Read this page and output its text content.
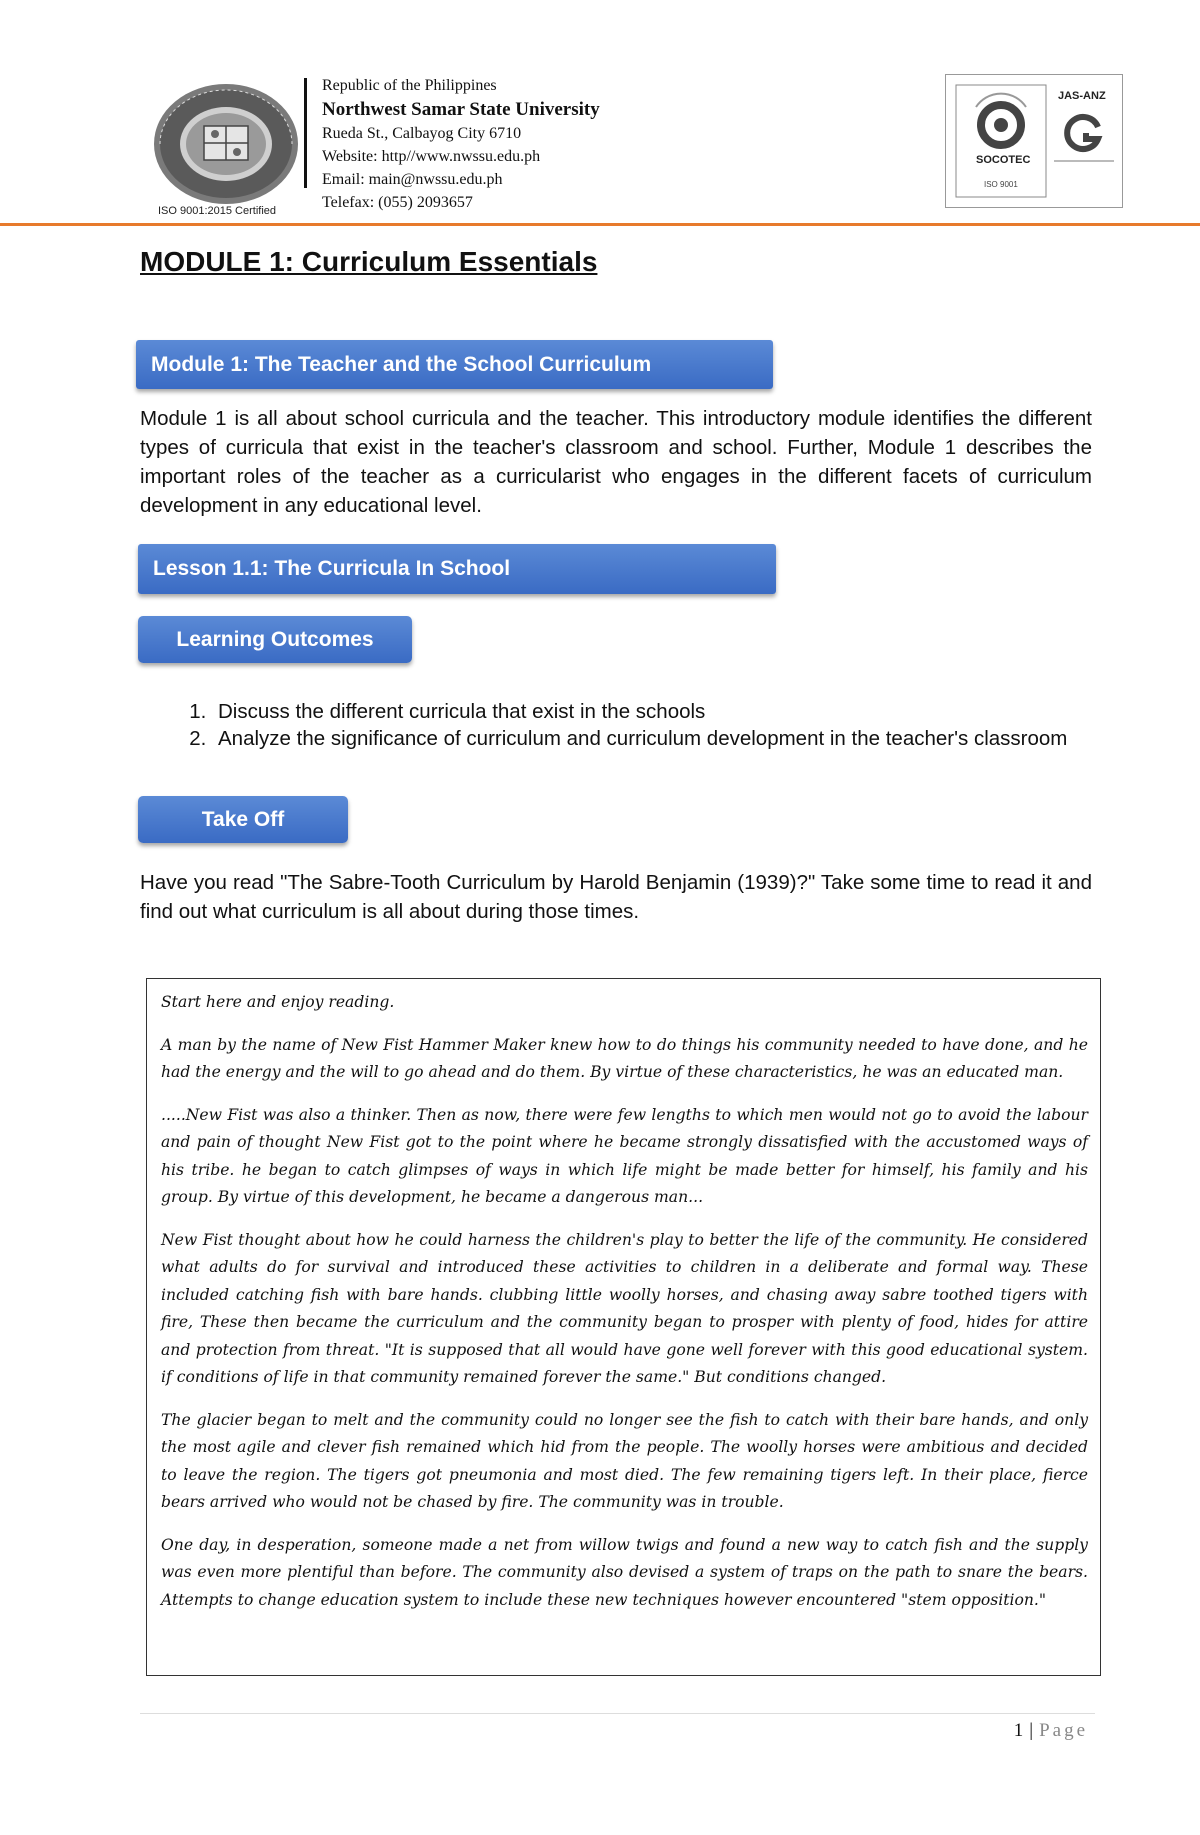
ISO 9001:2015 Certified
Republic of the Philippines
Northwest Samar State University
Rueda St., Calbayog City 6710
Website: http//www.nwssu.edu.ph
Email: main@nwssu.edu.ph
Telefax: (055) 2093657
SOCOTEC
ISO 9001
JAS-ANZ
MODULE 1: Curriculum Essentials
Module 1: The Teacher and the School Curriculum
Module 1 is all about school curricula and the teacher. This introductory module identifies the different types of curricula that exist in the teacher's classroom and school. Further, Module 1 describes the important roles of the teacher as a curricularist who engages in the different facets of curriculum development in any educational level.
Lesson 1.1: The Curricula In School
Learning Outcomes
1. Discuss the different curricula that exist in the schools
2. Analyze the significance of curriculum and curriculum development in the teacher's classroom
Take Off
Have you read "The Sabre-Tooth Curriculum by Harold Benjamin (1939)?" Take some time to read it and find out what curriculum is all about during those times.

Start here and enjoy reading.

A man by the name of New Fist Hammer Maker knew how to do things his community needed to have done, and he had the energy and the will to go ahead and do them. By virtue of these characteristics, he was an educated man.

.....New Fist was also a thinker. Then as now, there were few lengths to which men would not go to avoid the labour and pain of thought New Fist got to the point where he became strongly dissatisfied with the accustomed ways of his tribe. he began to catch glimpses of ways in which life might be made better for himself, his family and his group. By virtue of this development, he became a dangerous man...

New Fist thought about how he could harness the children's play to better the life of the community. He considered what adults do for survival and introduced these activities to children in a deliberate and formal way. These included catching fish with bare hands. clubbing little woolly horses, and chasing away sabre toothed tigers with fire, These then became the curriculum and the community began to prosper with plenty of food, hides for attire and protection from threat. "It is supposed that all would have gone well forever with this good educational system. if conditions of life in that community remained forever the same." But conditions changed.

The glacier began to melt and the community could no longer see the fish to catch with their bare hands, and only the most agile and clever fish remained which hid from the people. The woolly horses were ambitious and decided to leave the region. The tigers got pneumonia and most died. The few remaining tigers left. In their place, fierce bears arrived who would not be chased by fire. The community was in trouble.

One day, in desperation, someone made a net from willow twigs and found a new way to catch fish and the supply was even more plentiful than before. The community also devised a system of traps on the path to snare the bears. Attempts to change education system to include these new techniques however encountered "stem opposition."

1 | Page
